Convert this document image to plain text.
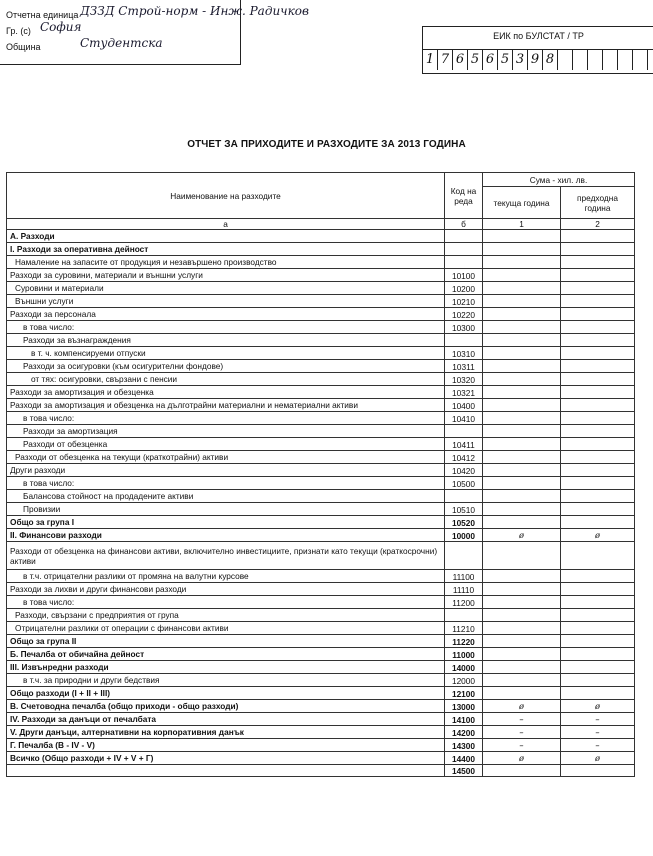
Отчетна единица ДЗЗД Строй-норм - Инж. Радичков
Гр. (с) София
Община	Студентска	ЕИК по БУЛСТАТ / ТР
1 7 6 5 6 5 3 9 8
ОТЧЕТ ЗА ПРИХОДИТЕ И РАЗХОДИТЕ ЗА 2013 ГОДИНА
Наименование на разходите	Код на реда	Сума - хил. лв.	
		текуща година	предходна година
а	б	1	2
А. Разходи			
I. Разходи за оперативна дейност			
Намаление на запасите от продукция и незавършено производство			
Разходи за суровини, материали и външни услуги	10100		
Суровини и материали	10200		
Външни услуги	10210		
Разходи за персонала	10220		
в това число:	10300		
Разходи за възнаграждения			
в т. ч. компенсируеми отпуски	10310		
Разходи за осигуровки (към осигурителни фондове)	10311		
от тях: осигуровки, свързани с пенсии	10320		
Разходи за амортизация и обезценка	10321		
Разходи за амортизация и обезценка на дълготрайни материални и нематериални активи	10400		
в това число:	10410		
Разходи за амортизация			
Разходи от обезценка	10411		
Разходи от обезценка на текущи (краткотрайни) активи	10412		
Други разходи	10420		
в това число:	10500		
Балансова стойност на продадените активи			
Провизии	10510		
Общо за група I	10520		
II. Финансови разходи	10000	ø	ø
Разходи от обезценка на финансови активи, включително инвестициите, признати като текущи (краткосрочни) активи			
в т.ч. отрицателни разлики от промяна на валутни курсове	11100		
Разходи за лихви и други финансови разходи	11110		
в това число:	11200		
Разходи, свързани с предприятия от група			
Отрицателни разлики от операции с финансови активи	11210		
Общо за група II	11220		
Б. Печалба от обичайна дейност	11000		
III. Извънредни разходи	14000		
в т.ч. за природни и други бедствия	12000		
Общо разходи (I + II + III)	12100		
В. Счетоводна печалба (общо приходи - общо разходи)	13000	ø	ø
IV. Разходи за данъци от печалбата	14100	–	–
V. Други данъци, алтернативни на корпоративния данък	14200	–	–
Г. Печалба (В - IV - V)	14300	–	–
Всичко (Общо разходи + IV + V + Г)	14400	ø	ø
	14500		
